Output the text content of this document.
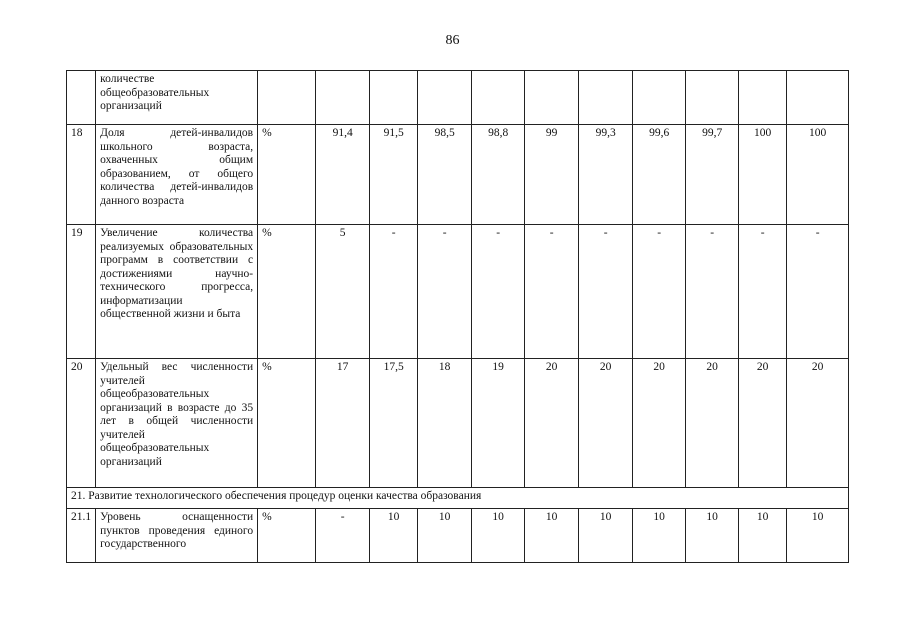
86
	количестве общеобразовательных организаций											
18	Доля детей-инвалидов школьного возраста, охваченных общим образованием, от общего количества детей-инвалидов данного возраста	%	91,4	91,5	98,5	98,8	99	99,3	99,6	99,7	100	100
19	Увеличение количества реализуемых образовательных программ в соответствии с достижениями научно-технического прогресса, информатизации общественной жизни и быта	%	5	-	-	-	-	-	-	-	-	-
20	Удельный вес численности учителей общеобразовательных организаций в возрасте до 35 лет в общей численности учителей общеобразовательных организаций	%	17	17,5	18	19	20	20	20	20	20	20
21. Развитие технологического обеспечения процедур оценки качества образования												
21.1	Уровень оснащенности пунктов проведения единого государственного	%	-	10	10	10	10	10	10	10	10	10
